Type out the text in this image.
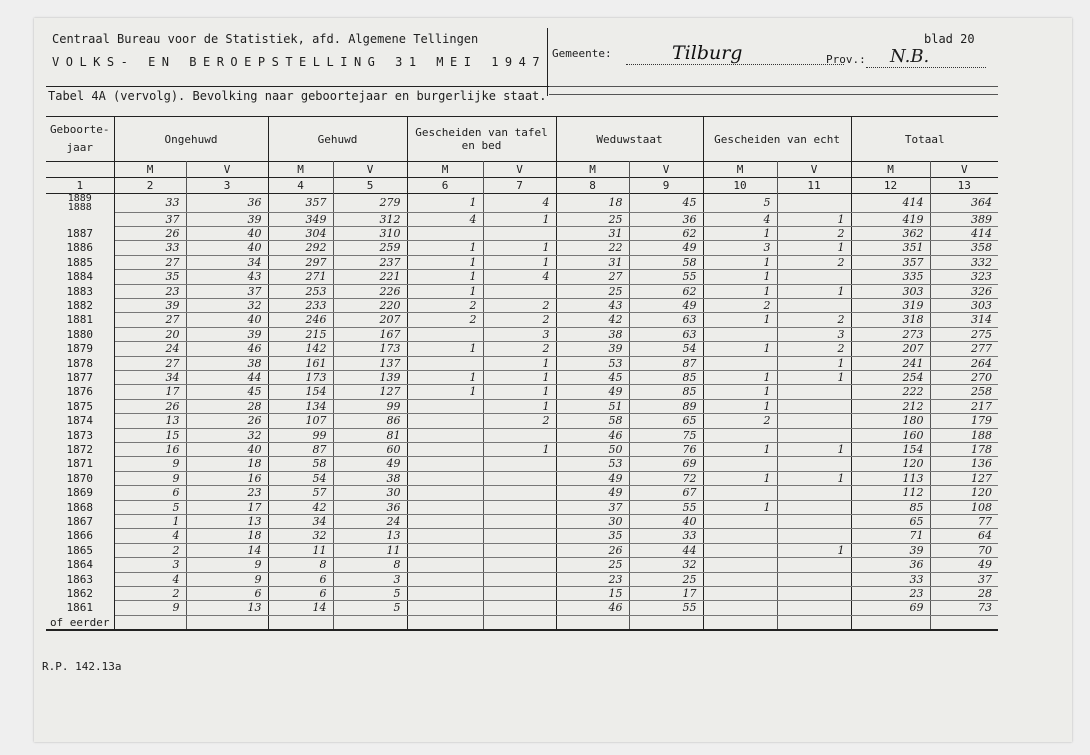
Centraal Bureau voor de Statistiek, afd. Algemene Tellingen
VOLKS- EN BEROEPSTELLING 31 MEI 1947
Gemeente:	Tilburg	Prov.: N.B.
blad 20
Tabel 4A (vervolg). Bevolking naar geboortejaar en burgerlijke staat.
Geboorte-jaar	Ongehuwd		Gehuwd		Gescheiden van tafel en bed		Weduwstaat		Gescheiden van echt		Totaal	

	M	V	M	V	M	V	M	V	M	V	M	V
1	2	3	4	5	6	7	8	9	10	11	12	13
1889
1888	33	36	357	279	1	4	18	45	5		414	364
	37	39	349	312	4	1	25	36	4	1	419	389
1887	26	40	304	310			31	62	1	2	362	414
1886	33	40	292	259	1	1	22	49	3	1	351	358
1885	27	34	297	237	1	1	31	58	1	2	357	332
1884	35	43	271	221	1	4	27	55	1		335	323
1883	23	37	253	226	1		25	62	1	1	303	326
1882	39	32	233	220	2	2	43	49	2		319	303
1881	27	40	246	207	2	2	42	63	1	2	318	314
1880	20	39	215	167		3	38	63		3	273	275
1879	24	46	142	173	1	2	39	54	1	2	207	277
1878	27	38	161	137		1	53	87		1	241	264
1877	34	44	173	139	1	1	45	85	1	1	254	270
1876	17	45	154	127	1	1	49	85	1		222	258
1875	26	28	134	99		1	51	89	1		212	217
1874	13	26	107	86		2	58	65	2		180	179
1873	15	32	99	81			46	75			160	188
1872	16	40	87	60		1	50	76	1	1	154	178
1871	9	18	58	49			53	69			120	136
1870	9	16	54	38			49	72	1	1	113	127
1869	6	23	57	30			49	67			112	120
1868	5	17	42	36			37	55	1		85	108
1867	1	13	34	24			30	40			65	77
1866	4	18	32	13			35	33			71	64
1865	2	14	11	11			26	44		1	39	70
1864	3	9	8	8			25	32			36	49
1863	4	9	6	3			23	25			33	37
1862	2	6	6	5			15	17			23	28
1861	9	13	14	5			46	55			69	73
of eerder												
R.P. 142.13a
